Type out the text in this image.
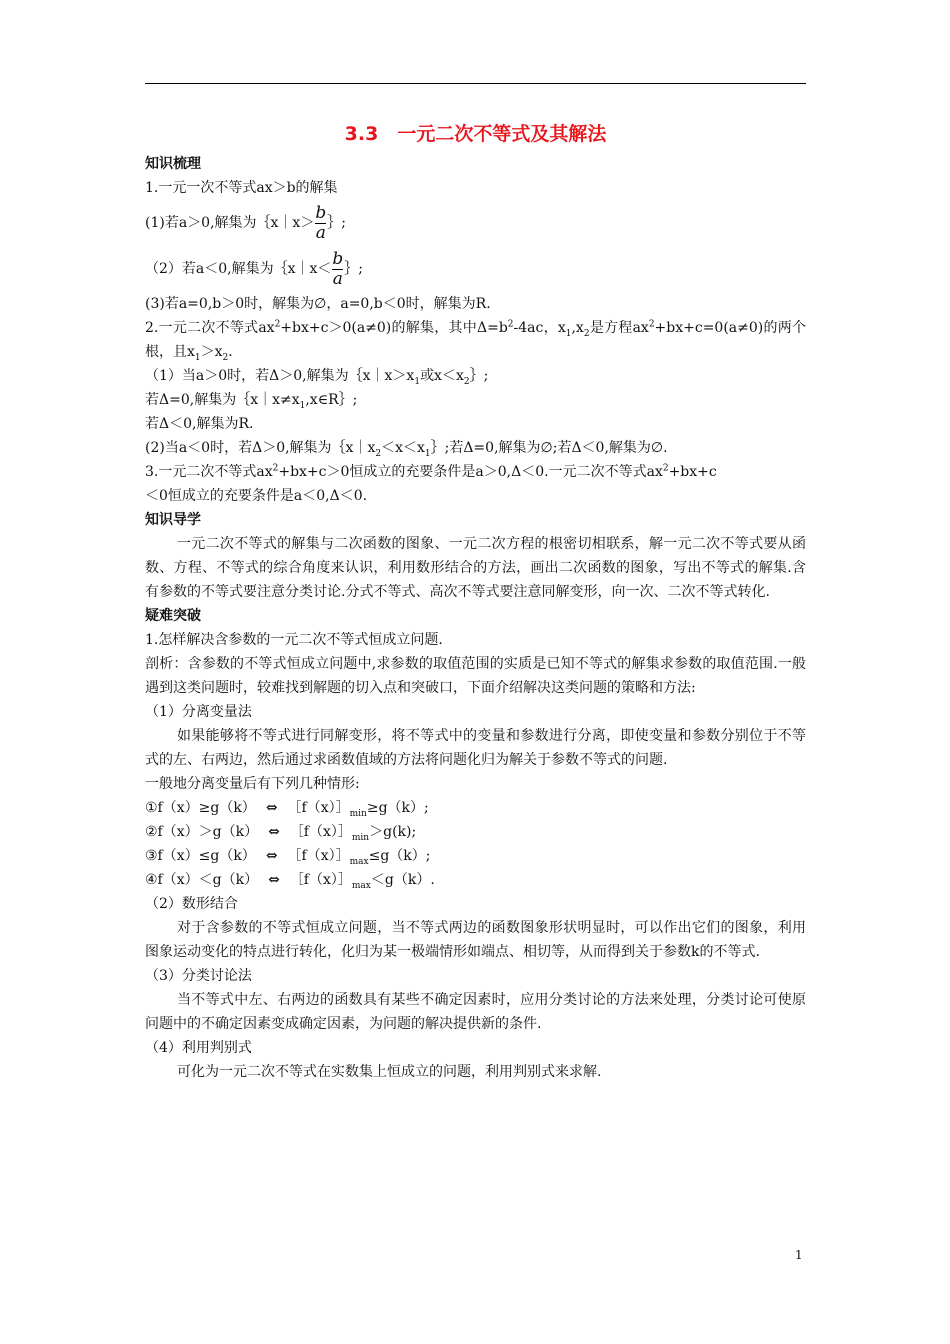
3.3　一元二次不等式及其解法
知识梳理

1.一元一次不等式ax＞b的解集

(1)若a＞0,解集为｛x｜x＞ $\frac{b}{a}$ ｝;

（2）若a＜0,解集为｛x｜x＜ $\frac{b}{a}$ ｝;

(3)若a=0,b＞0时，解集为∅，a=0,b＜0时，解集为R.

2.一元二次不等式$ax^2+bx+c>0(a\ne 0)$的解集，其中$\Delta=b^2-4ac$，$x_1,x_2$是方程$ax^2+bx+c=0(a\ne 0)$的两个根，且$x_1>x_2$.

（1）当a＞0时，若Δ＞0,解集为$\{x|x>x_1$或$x<x_2\}$;

若Δ=0,解集为$\{x|x\ne x_1,x\in R\}$;

若Δ＜0,解集为R.

(2)当a＜0时，若Δ＞0,解集为$\{x|x_2<x<x_1\}$;若Δ=0,解集为∅;若Δ＜0,解集为∅.

3.一元二次不等式$ax^2+bx+c>0$恒成立的充要条件是a＞0,Δ＜0.一元二次不等式$ax^2+bx+c$

＜0恒成立的充要条件是a＜0,Δ＜0.

知识导学

一元二次不等式的解集与二次函数的图象、一元二次方程的根密切相联系，解一元二次不等式要从函数、方程、不等式的综合角度来认识，利用数形结合的方法，画出二次函数的图象，写出不等式的解集.含有参数的不等式要注意分类讨论.分式不等式、高次不等式要注意同解变形，向一次、二次不等式转化.

疑难突破

1.怎样解决含参数的一元二次不等式恒成立问题.

剖析：含参数的不等式恒成立问题中,求参数的取值范围的实质是已知不等式的解集求参数的取值范围.一般遇到这类问题时，较难找到解题的切入点和突破口，下面介绍解决这类问题的策略和方法:

（1）分离变量法

如果能够将不等式进行同解变形，将不等式中的变量和参数进行分离，即使变量和参数分别位于不等式的左、右两边，然后通过求函数值域的方法将问题化归为解关于参数不等式的问题.

一般地分离变量后有下列几种情形:

①f（x）≥g（k） ⇔ $[f(x)]_{min}\ge g(k)$;

②f（x）＞g（k） ⇔ $[f(x)]_{min}>g(k)$;

③f（x）≤g（k） ⇔ $[f(x)]_{max}\le g(k)$;

④f（x）＜g（k） ⇔ $[f(x)]_{max}<g(k)$.

（2）数形结合

对于含参数的不等式恒成立问题，当不等式两边的函数图象形状明显时，可以作出它们的图象，利用图象运动变化的特点进行转化，化归为某一极端情形如端点、相切等，从而得到关于参数k的不等式.

（3）分类讨论法

当不等式中左、右两边的函数具有某些不确定因素时，应用分类讨论的方法来处理，分类讨论可使原问题中的不确定因素变成确定因素，为问题的解决提供新的条件.

（4）利用判别式

可化为一元二次不等式在实数集上恒成立的问题，利用判别式来求解.

1
